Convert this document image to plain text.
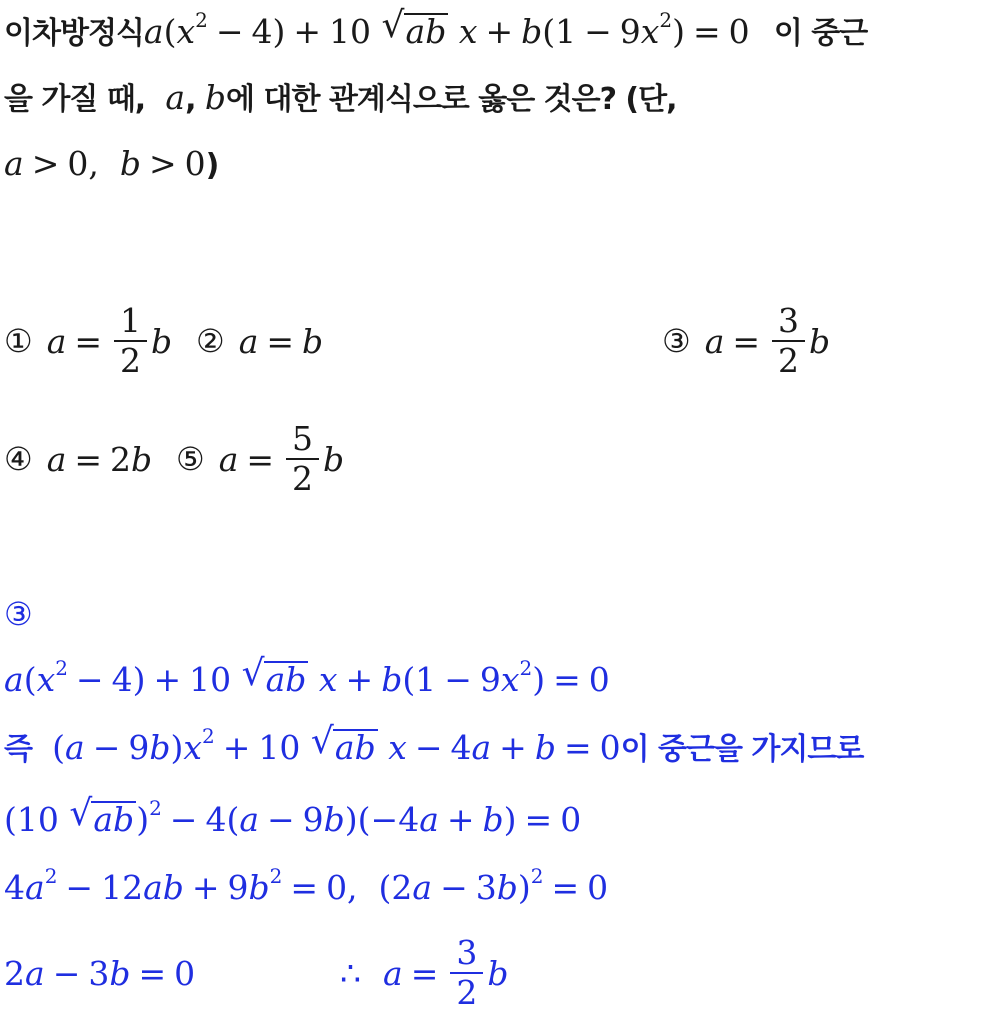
이차방정식$a(x^2 - 4) + 10$ √ ab $x + b(1 - 9x^2) = 0$ 이 중근
을 가질 때, a, b에 대한 관계식으로 옳은 것은? (단,
a > 0,  b > 0)
① $a = \frac{1}{2}$ b ② a = b	③ $a = \frac{3}{2}$ b
④ a = 2b ⑤ $a = \frac{5}{2}$ b
③
$a(x^2 - 4) + 10$ √ ab $x + b(1 - 9x^2) = 0$
즉 $(a - 9b)x^2 + 10$ √ ab x − 4a + b = 0이 중근을 가지므로
(10 √ ab)$^2$ − 4(a − 9b)(−4a + b) = 0
$4a^2 - 12ab + 9b^2 = 0$, $(2a - 3b)^2 = 0$
2a − 3b = 0	∴ $a = \frac{3}{2}$ b
